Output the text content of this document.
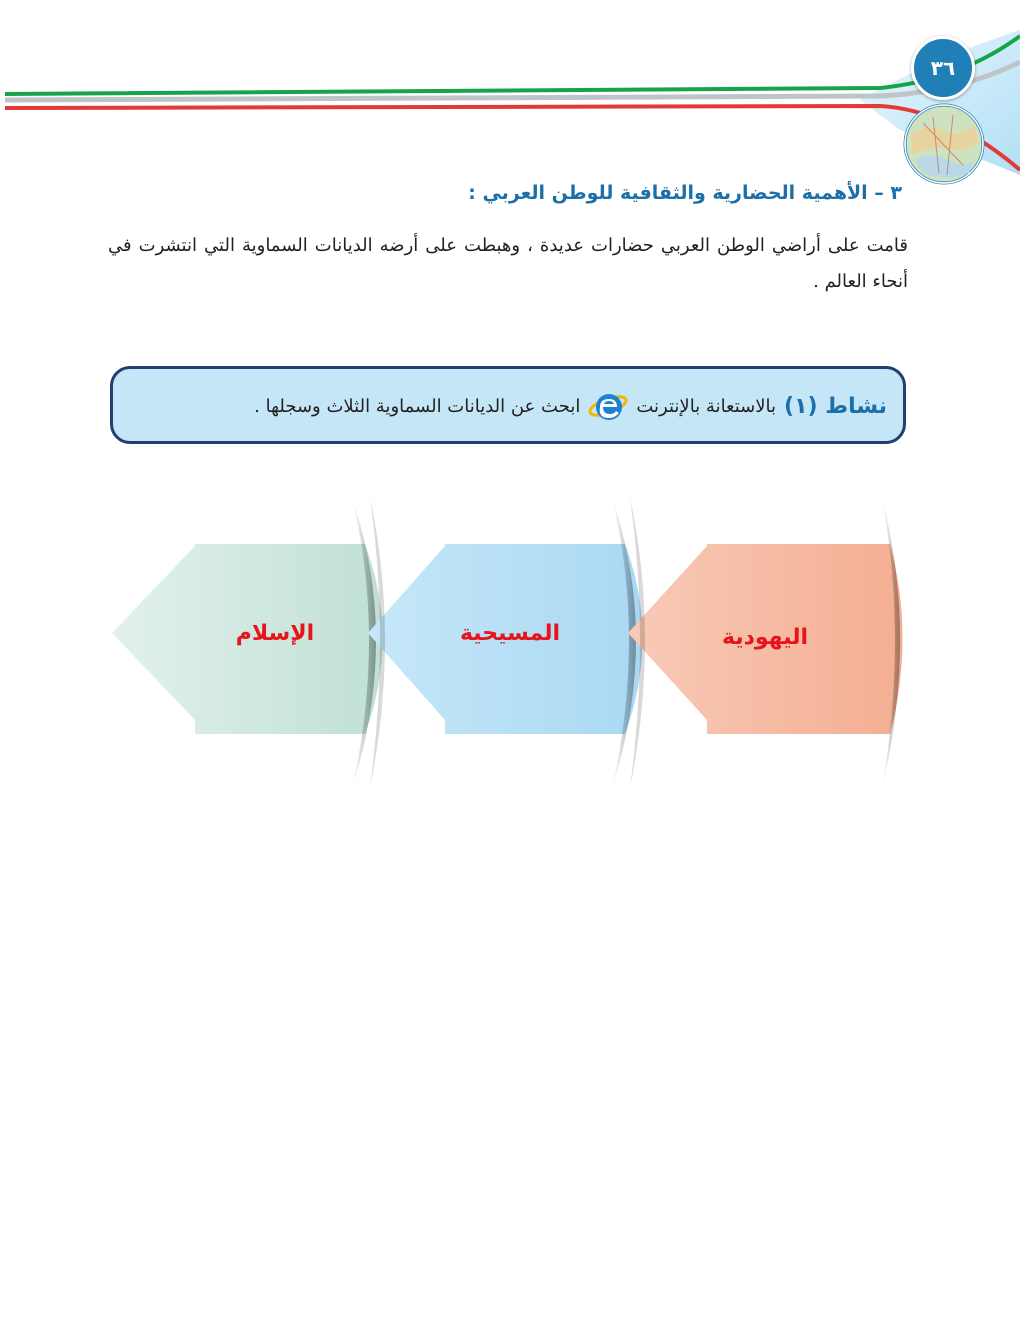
٣٦
٣ – الأهمية الحضارية والثقافية للوطن العربي :

قامت على أراضي الوطن العربي حضارات عديدة ، وهبطت على أرضه الديانات السماوية التي انتشرت في أنحاء العالم .

نشاط (١)
بالاستعانة بالإنترنت
ابحث عن الديانات السماوية الثلاث وسجلها .
الإسلام	المسيحية	اليهودية
